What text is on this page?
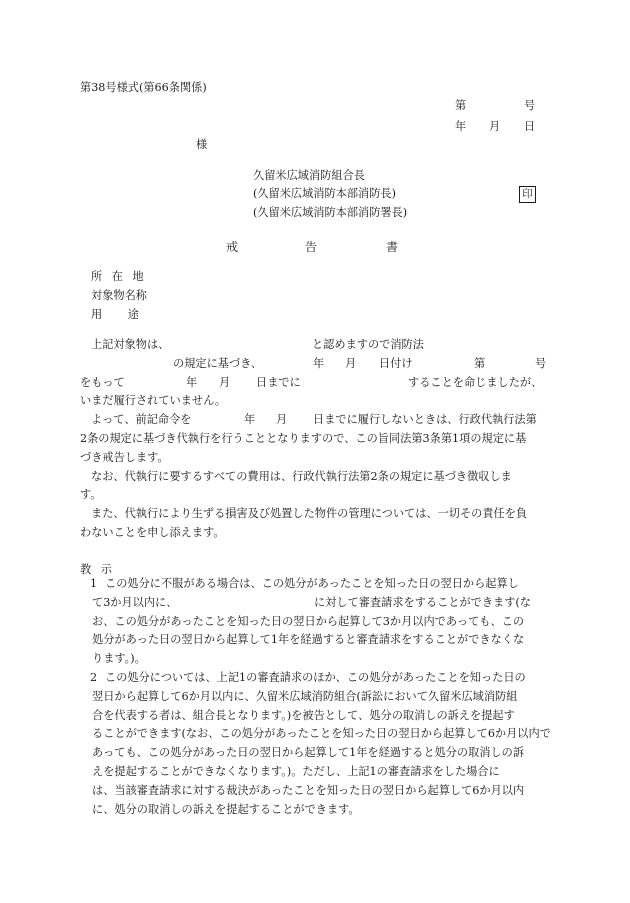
第38号様式(第66条関係)
第	号
年 月 日
様
久留米広域消防組合長
(久留米広域消防本部消防長)	印
(久留米広域消防本部消防署長)
戒	告	書
所 在 地
対象物名称
用 途
上記対象物は、	と認めますので消防法
の規定に基づき、	年 月 日付け	第	号
をもって	年 月 日までに	することを命じましたが、
いまだ履行されていません。
よって、前記命令を	年 月 日までに履行しないときは、行政代執行法第
2条の規定に基づき代執行を行うこととなりますので、この旨同法第3条第1項の規定に基
づき戒告します。
なお、代執行に要するすべての費用は、行政代執行法第2条の規定に基づき徴収しま
す。
また、代執行により生ずる損害及び処置した物件の管理については、一切その責任を負
わないことを申し添えます。
教 示
1 この処分に不服がある場合は、この処分があったことを知った日の翌日から起算し
て3か月以内に、	に対して審査請求をすることができます(な
お、この処分があったことを知った日の翌日から起算して3か月以内であっても、この
処分があった日の翌日から起算して1年を経過すると審査請求をすることができなくな
ります。)。
2 この処分については、上記1の審査請求のほか、この処分があったことを知った日の
翌日から起算して6か月以内に、久留米広域消防組合(訴訟において久留米広域消防組
合を代表する者は、組合長となります。)を被告として、処分の取消しの訴えを提起す
ることができます(なお、この処分があったことを知った日の翌日から起算して6か月以内で
あっても、この処分があった日の翌日から起算して1年を経過すると処分の取消しの訴
えを提起することができなくなります。)。ただし、上記1の審査請求をした場合に
は、当該審査請求に対する裁決があったことを知った日の翌日から起算して6か月以内
に、処分の取消しの訴えを提起することができます。
